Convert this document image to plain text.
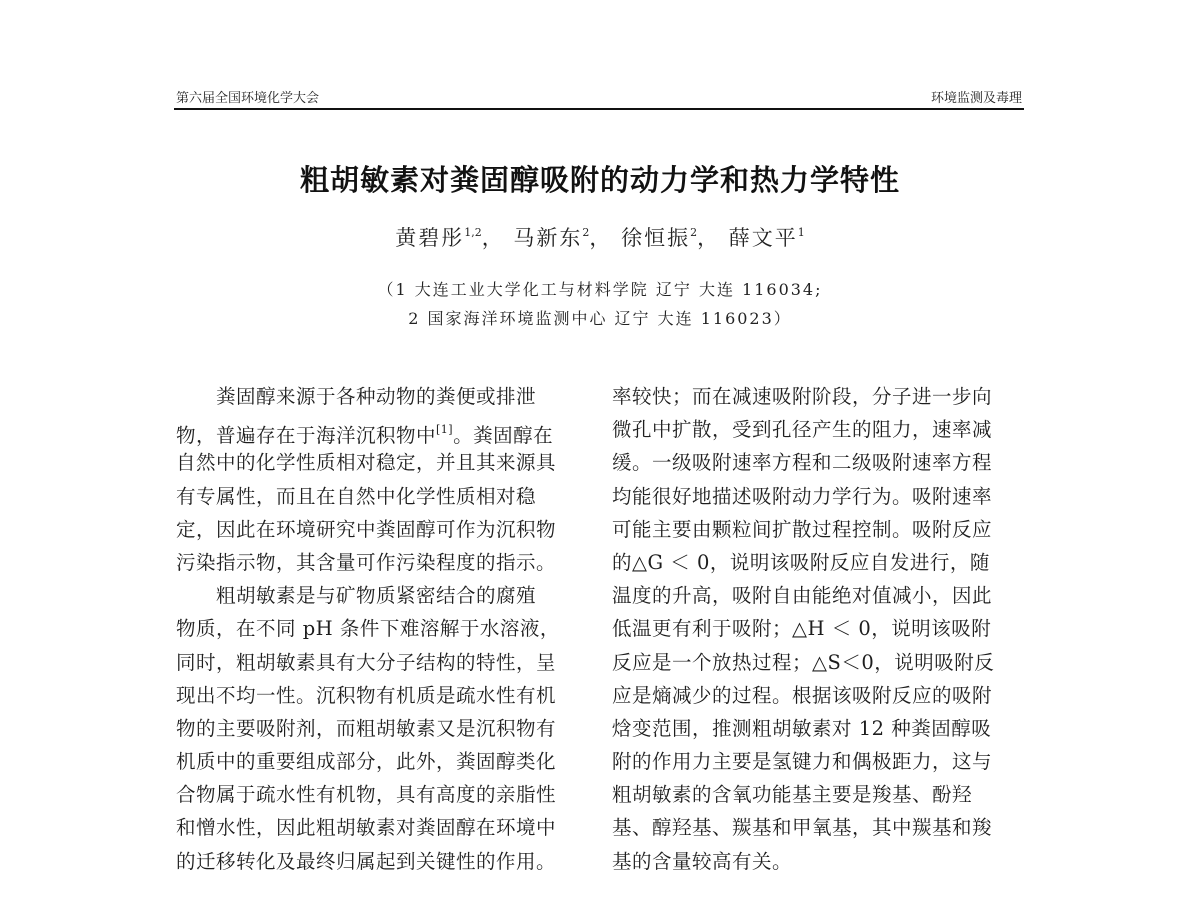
第六届全国环境化学大会	环境监测及毒理
粗胡敏素对粪固醇吸附的动力学和热力学特性
黄碧彤$^{1,2}$， 马新东$^2$， 徐恒振$^2$， 薛文平$^1$
（1 大连工业大学化工与材料学院 辽宁 大连 116034;
2 国家海洋环境监测中心 辽宁 大连 116023）
粪固醇来源于各种动物的粪便或排泄
物，普遍存在于海洋沉积物中[1]。粪固醇在
自然中的化学性质相对稳定，并且其来源具
有专属性，而且在自然中化学性质相对稳
定，因此在环境研究中粪固醇可作为沉积物
污染指示物，其含量可作污染程度的指示。
粗胡敏素是与矿物质紧密结合的腐殖
物质，在不同 pH 条件下难溶解于水溶液，
同时，粗胡敏素具有大分子结构的特性，呈
现出不均一性。沉积物有机质是疏水性有机
物的主要吸附剂，而粗胡敏素又是沉积物有
机质中的重要组成部分，此外，粪固醇类化
合物属于疏水性有机物，具有高度的亲脂性
和憎水性，因此粗胡敏素对粪固醇在环境中
的迁移转化及最终归属起到关键性的作用。
率较快；而在减速吸附阶段，分子进一步向
微孔中扩散，受到孔径产生的阻力，速率减
缓。一级吸附速率方程和二级吸附速率方程
均能很好地描述吸附动力学行为。吸附速率
可能主要由颗粒间扩散过程控制。吸附反应
的△G ＜ 0，说明该吸附反应自发进行，随
温度的升高，吸附自由能绝对值减小，因此
低温更有利于吸附；△H ＜ 0，说明该吸附
反应是一个放热过程；△S＜0，说明吸附反
应是熵减少的过程。根据该吸附反应的吸附
焓变范围，推测粗胡敏素对 12 种粪固醇吸
附的作用力主要是氢键力和偶极距力，这与
粗胡敏素的含氧功能基主要是羧基、酚羟
基、醇羟基、羰基和甲氧基，其中羰基和羧
基的含量较高有关。
